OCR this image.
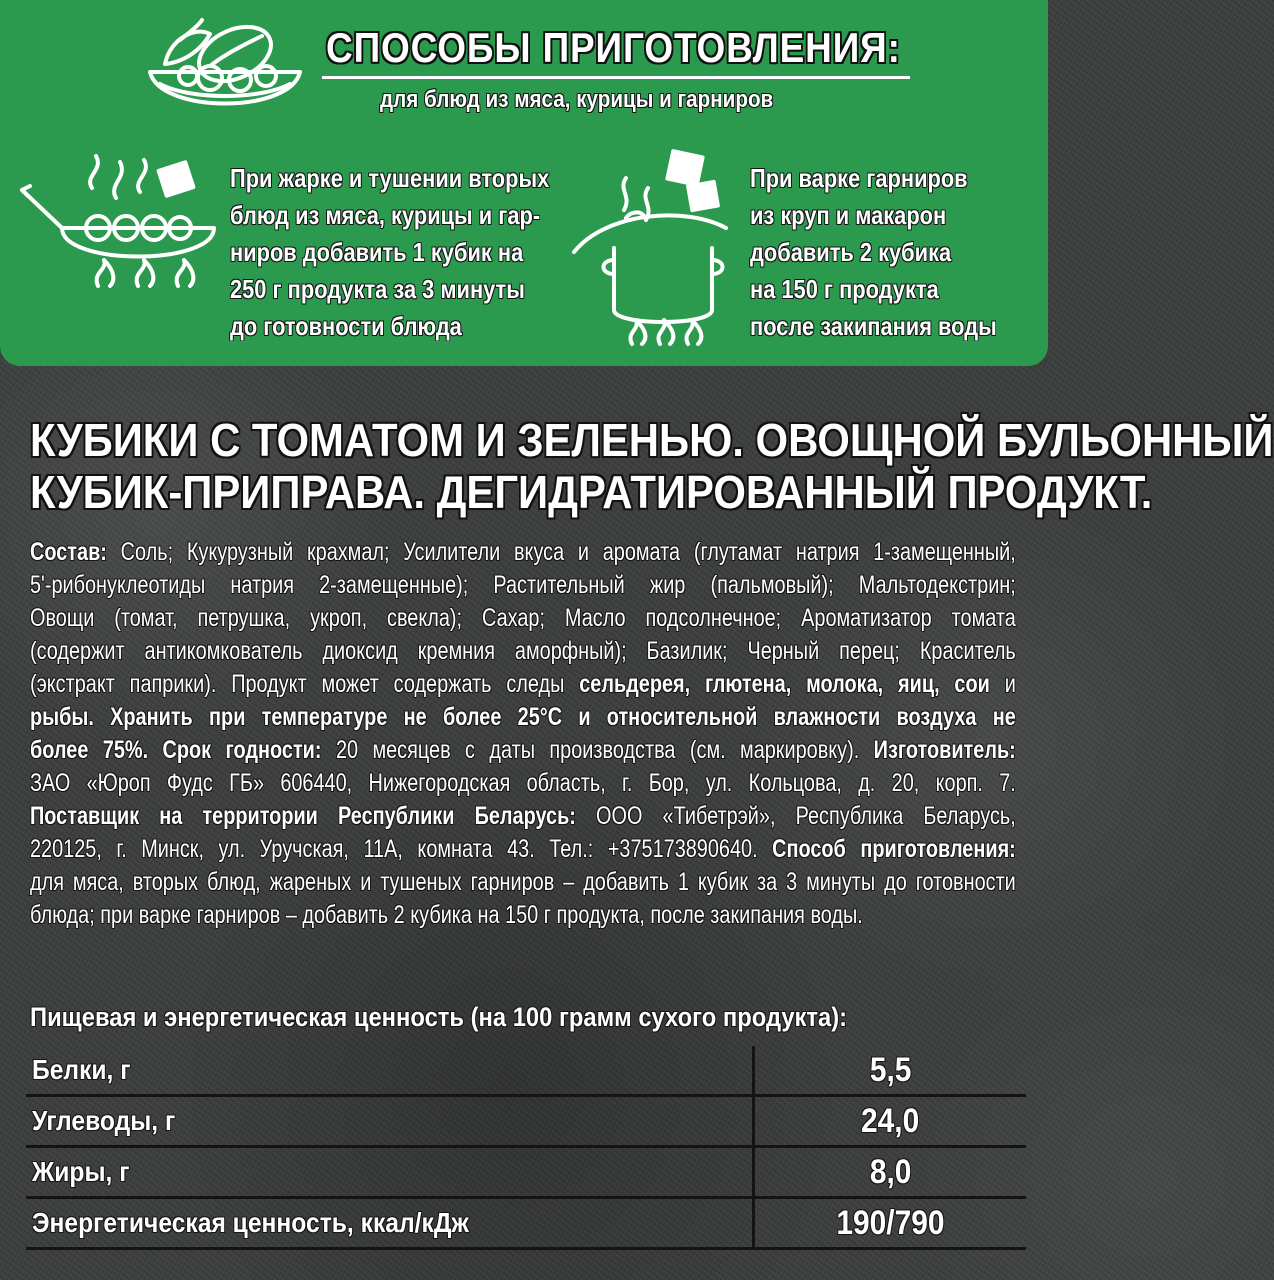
СПОСОБЫ ПРИГОТОВЛЕНИЯ:
для блюд из мяса, курицы и гарниров
При жарке и тушении вторых
блюд из мяса, курицы и гар-
ниров добавить 1 кубик на
250 г продукта за 3 минуты
до готовности блюда
При варке гарниров
из круп и макарон
добавить 2 кубика
на 150 г продукта
после закипания воды
КУБИКИ С ТОМАТОМ И ЗЕЛЕНЬЮ. ОВОЩНОЙ БУЛЬОННЫЙ
КУБИК-ПРИПРАВА. ДЕГИДРАТИРОВАННЫЙ ПРОДУКТ.
Состав: Соль; Кукурузный крахмал; Усилители вкуса и аромата (глутамат натрия 1-замещенный,
5'-рибонуклеотиды натрия 2-замещенные); Растительный жир (пальмовый); Мальтодекстрин;
Овощи (томат, петрушка, укроп, свекла); Сахар; Масло подсолнечное; Ароматизатор томата
(содержит антикомкователь диоксид кремния аморфный); Базилик; Черный перец; Краситель
(экстракт паприки). Продукт может содержать следы сельдерея, глютена, молока, яиц, сои и
рыбы. Хранить при температуре не более 25°С и относительной влажности воздуха не
более 75%. Срок годности: 20 месяцев с даты производства (см. маркировку). Изготовитель:
ЗАО «Юроп Фудс ГБ» 606440, Нижегородская область, г. Бор, ул. Кольцова, д. 20, корп. 7.
Поставщик на территории Республики Беларусь: ООО «Тибетрэй», Республика Беларусь,
220125, г. Минск, ул. Уручская, 11А, комната 43. Тел.: +375173890640. Способ приготовления:
для мяса, вторых блюд, жареных и тушеных гарниров – добавить 1 кубик за 3 минуты до готовности
блюда; при варке гарниров – добавить 2 кубика на 150 г продукта, после закипания воды.
Пищевая и энергетическая ценность (на 100 грамм сухого продукта):
Белки, г	5,5
Углеводы, г	24,0
Жиры, г	8,0
Энергетическая ценность, ккал/кДж	190/790
